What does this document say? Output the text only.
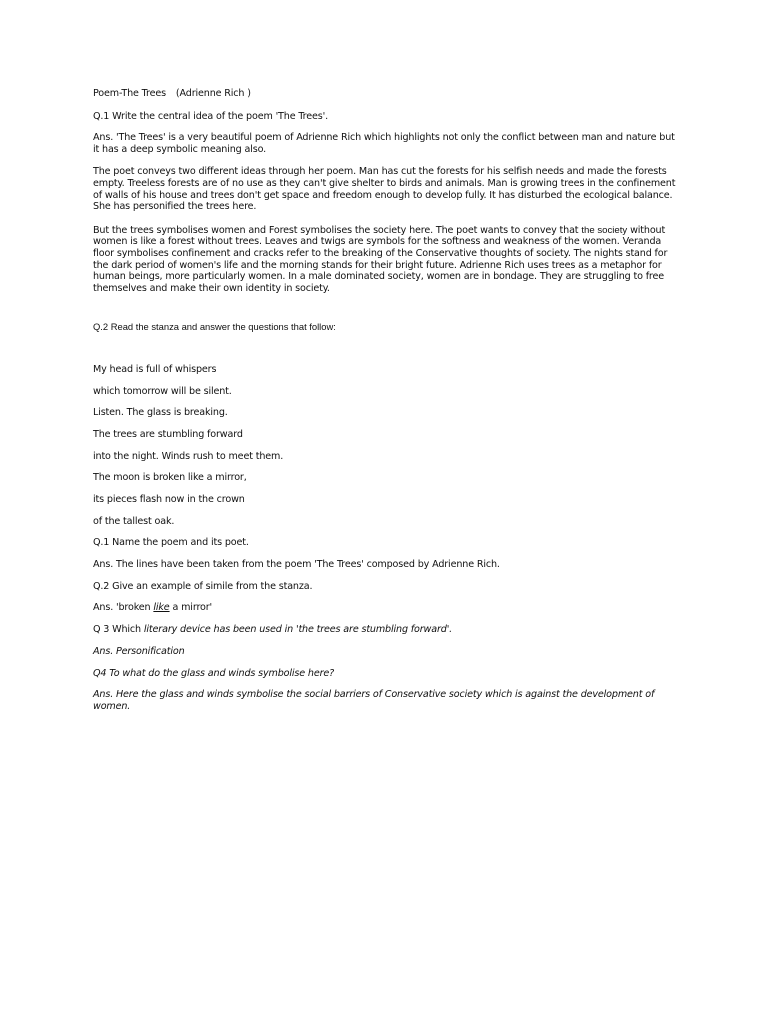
Poem-The Trees (Adrienne Rich )

Q.1 Write the central idea of the poem 'The Trees'.

Ans. 'The Trees' is a very beautiful poem of Adrienne Rich which highlights not only the conflict between man and nature but it has a deep symbolic meaning also.

The poet conveys two different ideas through her poem. Man has cut the forests for his selfish needs and made the forests empty. Treeless forests are of no use as they can't give shelter to birds and animals. Man is growing trees in the confinement of walls of his house and trees don't get space and freedom enough to develop fully. It has disturbed the ecological balance. She has personified the trees here.

But the trees symbolises women and Forest symbolises the society here. The poet wants to convey that the society without women is like a forest without trees. Leaves and twigs are symbols for the softness and weakness of the women. Veranda floor symbolises confinement and cracks refer to the breaking of the Conservative thoughts of society. The nights stand for the dark period of women's life and the morning stands for their bright future. Adrienne Rich uses trees as a metaphor for human beings, more particularly women. In a male dominated society, women are in bondage. They are struggling to free themselves and make their own identity in society.

Q.2 Read the stanza and answer the questions that follow:

My head is full of whispers

which tomorrow will be silent.

Listen. The glass is breaking.

The trees are stumbling forward

into the night. Winds rush to meet them.

The moon is broken like a mirror,

its pieces flash now in the crown

of the tallest oak.

Q.1 Name the poem and its poet.

Ans. The lines have been taken from the poem 'The Trees' composed by Adrienne Rich.

Q.2 Give an example of simile from the stanza.

Ans. 'broken like a mirror'

Q 3 Which literary device has been used in 'the trees are stumbling forward'.

Ans. Personification

Q4 To what do the glass and winds symbolise here?

Ans. Here the glass and winds symbolise the social barriers of Conservative society which is against the development of women.
